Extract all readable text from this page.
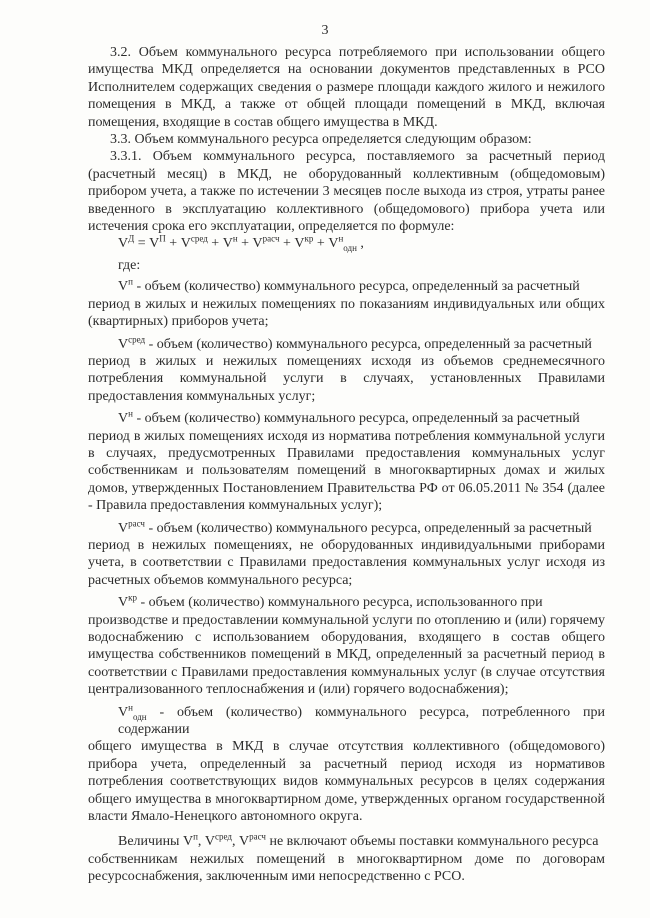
3

3.2. Объем коммунального ресурса потребляемого при использовании общего имущества МКД определяется на основании документов представленных в РСО Исполнителем содержащих сведения о размере площади каждого жилого и нежилого помещения в МКД, а также от общей площади помещений в МКД, включая помещения, входящие в состав общего имущества в МКД.

3.3. Объем коммунального ресурса определяется следующим образом:

3.3.1. Объем коммунального ресурса, поставляемого за расчетный период (расчетный месяц) в МКД, не оборудованный коллективным (общедомовым) прибором учета, а также по истечении 3 месяцев после выхода из строя, утраты ранее введенного в эксплуатацию коллективного (общедомового) прибора учета или истечения срока его эксплуатации, определяется по формуле:

$V^Д = V^П + V^{сред} + V^н + V^{расч} + V^{кр} + V^н_{одн}$ ,
где:
$V^п$ - объем (количество) коммунального ресурса, определенный за расчетный
период в жилых и нежилых помещениях по показаниям индивидуальных или общих (квартирных) приборов учета;
$V^{сред}$ - объем (количество) коммунального ресурса, определенный за расчетный
период в жилых и нежилых помещениях исходя из объемов среднемесячного потребления коммунальной услуги в случаях, установленных Правилами предоставления коммунальных услуг;
$V^н$ - объем (количество) коммунального ресурса, определенный за расчетный
период в жилых помещениях исходя из норматива потребления коммунальной услуги в случаях, предусмотренных Правилами предоставления коммунальных услуг собственникам и пользователям помещений в многоквартирных домах и жилых домов, утвержденных Постановлением Правительства РФ от 06.05.2011 № 354 (далее - Правила предоставления коммунальных услуг);
$V^{расч}$ - объем (количество) коммунального ресурса, определенный за расчетный
период в нежилых помещениях, не оборудованных индивидуальными приборами учета, в соответствии с Правилами предоставления коммунальных услуг исходя из расчетных объемов коммунального ресурса;
$V^{кр}$ - объем (количество) коммунального ресурса, использованного при
производстве и предоставлении коммунальной услуги по отоплению и (или) горячему водоснабжению с использованием оборудования, входящего в состав общего имущества собственников помещений в МКД, определенный за расчетный период в соответствии с Правилами предоставления коммунальных услуг (в случае отсутствия централизованного теплоснабжения и (или) горячего водоснабжения);
$V^н_{одн}$ - объем (количество) коммунального ресурса, потребленного при содержании
общего имущества в МКД в случае отсутствия коллективного (общедомового) прибора учета, определенный за расчетный период исходя из нормативов потребления соответствующих видов коммунальных ресурсов в целях содержания общего имущества в многоквартирном доме, утвержденных органом государственной власти Ямало-Ненецкого автономного округа.
Величины $V^п$, $V^{сред}$, $V^{расч}$ не включают объемы поставки коммунального ресурса
собственникам нежилых помещений в многоквартирном доме по договорам ресурсоснабжения, заключенным ими непосредственно с РСО.
